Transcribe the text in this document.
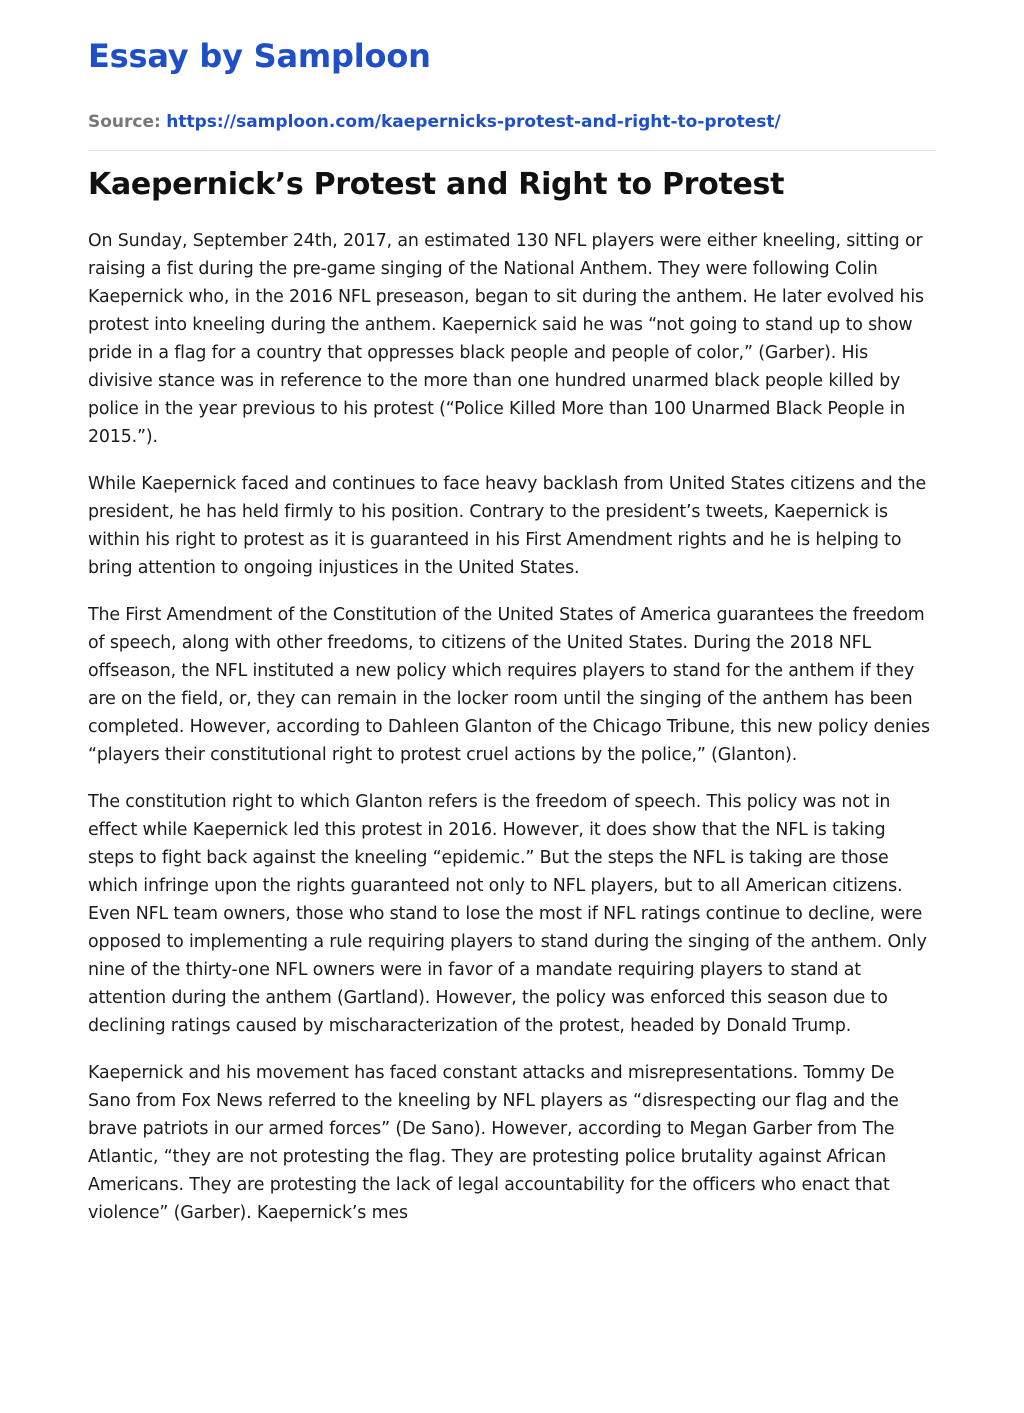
Essay by Samploon
Source: https://samploon.com/kaepernicks-protest-and-right-to-protest/
Kaepernick’s Protest and Right to Protest

On Sunday, September 24th, 2017, an estimated 130 NFL players were either kneeling, sitting or raising a fist during the pre-game singing of the National Anthem. They were following Colin Kaepernick who, in the 2016 NFL preseason, began to sit during the anthem. He later evolved his protest into kneeling during the anthem. Kaepernick said he was “not going to stand up to show pride in a flag for a country that oppresses black people and people of color,” (Garber). His divisive stance was in reference to the more than one hundred unarmed black people killed by police in the year previous to his protest (“Police Killed More than 100 Unarmed Black People in 2015.”).

While Kaepernick faced and continues to face heavy backlash from United States citizens and the president, he has held firmly to his position. Contrary to the president’s tweets, Kaepernick is within his right to protest as it is guaranteed in his First Amendment rights and he is helping to bring attention to ongoing injustices in the United States.

The First Amendment of the Constitution of the United States of America guarantees the freedom of speech, along with other freedoms, to citizens of the United States. During the 2018 NFL offseason, the NFL instituted a new policy which requires players to stand for the anthem if they are on the field, or, they can remain in the locker room until the singing of the anthem has been completed. However, according to Dahleen Glanton of the Chicago Tribune, this new policy denies “players their constitutional right to protest cruel actions by the police,” (Glanton).

The constitution right to which Glanton refers is the freedom of speech. This policy was not in effect while Kaepernick led this protest in 2016. However, it does show that the NFL is taking steps to fight back against the kneeling “epidemic.” But the steps the NFL is taking are those which infringe upon the rights guaranteed not only to NFL players, but to all American citizens. Even NFL team owners, those who stand to lose the most if NFL ratings continue to decline, were opposed to implementing a rule requiring players to stand during the singing of the anthem. Only nine of the thirty-one NFL owners were in favor of a mandate requiring players to stand at attention during the anthem (Gartland). However, the policy was enforced this season due to declining ratings caused by mischaracterization of the protest, headed by Donald Trump.

Kaepernick and his movement has faced constant attacks and misrepresentations. Tommy De Sano from Fox News referred to the kneeling by NFL players as “disrespecting our flag and the brave patriots in our armed forces” (De Sano). However, according to Megan Garber from The Atlantic, “they are not protesting the flag. They are protesting police brutality against African Americans. They are protesting the lack of legal accountability for the officers who enact that violence” (Garber). Kaepernick’s mes
